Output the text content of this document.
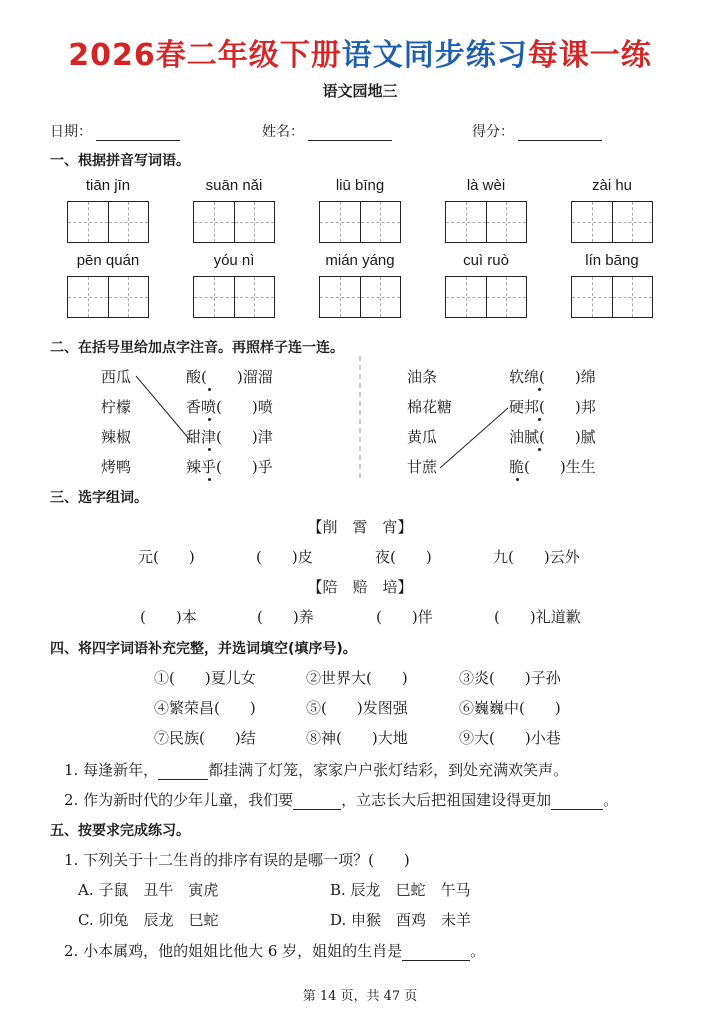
2026春二年级下册语文同步练习每课一练
语文园地三
日期：	姓名：	得分：
一、根据拼音写词语。
tiān jīn	suān nǎi	liū bīng	là wèi	zài hu
pēn quán	yóu nì	mián yáng	cuì ruò	lín bāng
二、在括号里给加点字注音。再照样子连一连。
西瓜
柠檬
辣椒
烤鸭
酸(　　)溜溜
香喷(　　)喷
甜津(　　)津
辣乎(　　)乎
油条
棉花糖
黄瓜
甘蔗
软绵(　　)绵
硬邦(　　)邦
油腻(　　)腻
脆(　　)生生
三、选字组词。
【削　霄　宵】
元(　　)	(　　)皮	夜(　　)	九(　　)云外
【陪　赔　培】
(　　)本	(　　)养	(　　)伴	(　　)礼道歉
四、将四字词语补充完整，并选词填空(填序号)。
①(　　)夏儿女	②世界大(　　)	③炎(　　)子孙
④繁荣昌(　　)	⑤(　　)发图强	⑥巍巍中(　　)
⑦民族(　　)结	⑧神(　　)大地	⑨大(　　)小巷
1. 每逢新年，	都挂满了灯笼，家家户户张灯结彩，到处充满欢笑声。
2. 作为新时代的少年儿童，我们要	，立志长大后把祖国建设得更加	。
五、按要求完成练习。
1. 下列关于十二生肖的排序有误的是哪一项？(　　)
A. 子鼠　丑牛　寅虎	B. 辰龙　巳蛇　午马
C. 卯兔　辰龙　巳蛇	D. 申猴　酉鸡　未羊
2. 小本属鸡，他的姐姐比他大 6 岁，姐姐的生肖是	。
第 14 页，共 47 页
